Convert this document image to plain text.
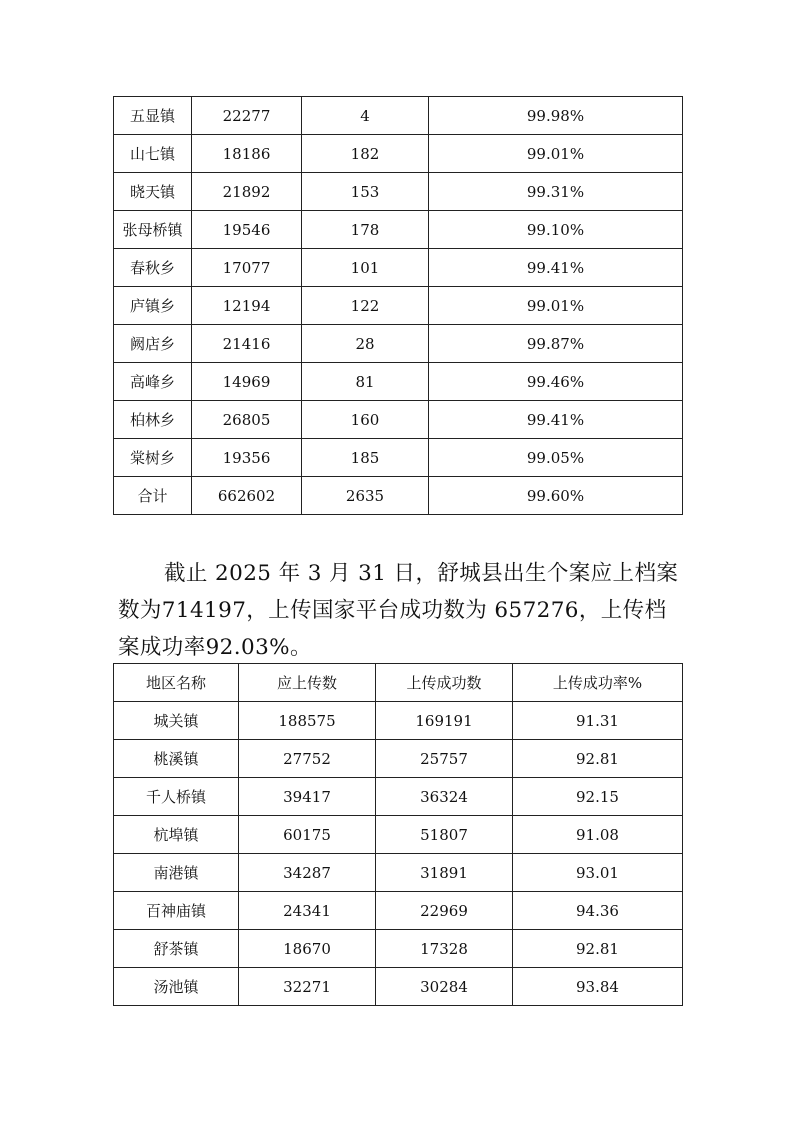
五显镇	22277	4	99.98%
山七镇	18186	182	99.01%
晓天镇	21892	153	99.31%
张母桥镇	19546	178	99.10%
春秋乡	17077	101	99.41%
庐镇乡	12194	122	99.01%
阙店乡	21416	28	99.87%
高峰乡	14969	81	99.46%
柏林乡	26805	160	99.41%
棠树乡	19356	185	99.05%
合计	662602	2635	99.60%

截止 2025 年 3 月 31 日，舒城县出生个案应上档案数为714197，上传国家平台成功数为 657276，上传档案成功率92.03%。

地区名称	应上传数	上传成功数	上传成功率%
城关镇	188575	169191	91.31
桃溪镇	27752	25757	92.81
千人桥镇	39417	36324	92.15
杭埠镇	60175	51807	91.08
南港镇	34287	31891	93.01
百神庙镇	24341	22969	94.36
舒茶镇	18670	17328	92.81
汤池镇	32271	30284	93.84
